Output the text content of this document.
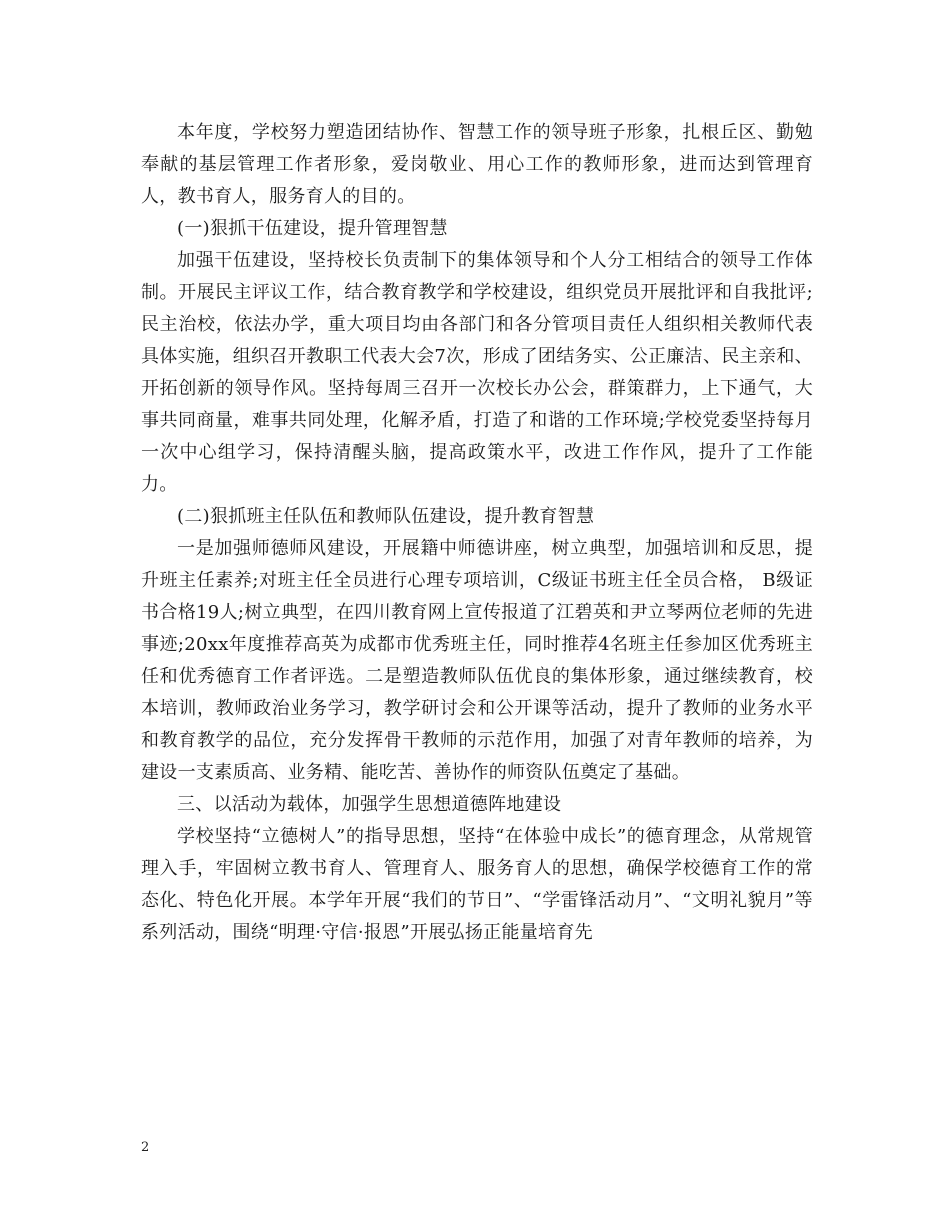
本年度，学校努力塑造团结协作、智慧工作的领导班子形象，扎根丘区、勤勉奉献的基层管理工作者形象，爱岗敬业、用心工作的教师形象，进而达到管理育人，教书育人，服务育人的目的。

(一)狠抓干伍建设，提升管理智慧

加强干伍建设，坚持校长负责制下的集体领导和个人分工相结合的领导工作体制。开展民主评议工作，结合教育教学和学校建设，组织党员开展批评和自我批评;民主治校，依法办学，重大项目均由各部门和各分管项目责任人组织相关教师代表具体实施，组织召开教职工代表大会7次，形成了团结务实、公正廉洁、民主亲和、开拓创新的领导作风。坚持每周三召开一次校长办公会，群策群力，上下通气，大事共同商量，难事共同处理，化解矛盾，打造了和谐的工作环境;学校党委坚持每月一次中心组学习，保持清醒头脑，提高政策水平，改进工作作风，提升了工作能力。

(二)狠抓班主任队伍和教师队伍建设，提升教育智慧

一是加强师德师风建设，开展籍中师德讲座，树立典型，加强培训和反思，提升班主任素养;对班主任全员进行心理专项培训，C级证书班主任全员合格， B级证书合格19人;树立典型，在四川教育网上宣传报道了江碧英和尹立琴两位老师的先进事迹;20xx年度推荐高英为成都市优秀班主任，同时推荐4名班主任参加区优秀班主任和优秀德育工作者评选。二是塑造教师队伍优良的集体形象，通过继续教育，校本培训，教师政治业务学习，教学研讨会和公开课等活动，提升了教师的业务水平和教育教学的品位，充分发挥骨干教师的示范作用，加强了对青年教师的培养，为建设一支素质高、业务精、能吃苦、善协作的师资队伍奠定了基础。

三、以活动为载体，加强学生思想道德阵地建设

学校坚持“立德树人”的指导思想，坚持“在体验中成长”的德育理念，从常规管理入手，牢固树立教书育人、管理育人、服务育人的思想，确保学校德育工作的常态化、特色化开展。本学年开展“我们的节日”、“学雷锋活动月”、“文明礼貌月”等系列活动，围绕“明理·守信·报恩”开展弘扬正能量培育先

2
